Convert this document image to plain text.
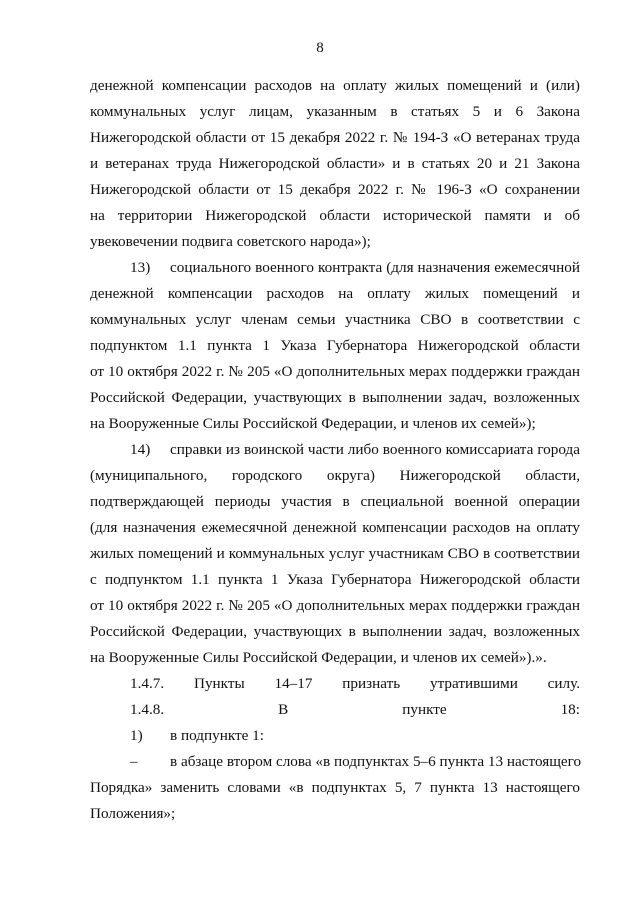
8
денежной компенсации расходов на оплату жилых помещений и (или)
коммунальных услуг лицам, указанным в статьях 5 и 6 Закона
Нижегородской области от 15 декабря 2022 г. № 194-З «О ветеранах труда
и ветеранах труда Нижегородской области» и в статьях 20 и 21 Закона
Нижегородской области от 15 декабря 2022 г. № 196-З «О сохранении
на территории Нижегородской области исторической памяти и об
увековечении подвига советского народа»);
13)	социального военного контракта (для назначения ежемесячной
денежной компенсации расходов на оплату жилых помещений и
коммунальных услуг членам семьи участника СВО в соответствии с
подпунктом 1.1 пункта 1 Указа Губернатора Нижегородской области
от 10 октября 2022 г. № 205 «О дополнительных мерах поддержки граждан
Российской Федерации, участвующих в выполнении задач, возложенных
на Вооруженные Силы Российской Федерации, и членов их семей»);
14)	справки из воинской части либо военного комиссариата города
(муниципального, городского округа) Нижегородской области,
подтверждающей периоды участия в специальной военной операции
(для назначения ежемесячной денежной компенсации расходов на оплату
жилых помещений и коммунальных услуг участникам СВО в соответствии
с подпунктом 1.1 пункта 1 Указа Губернатора Нижегородской области
от 10 октября 2022 г. № 205 «О дополнительных мерах поддержки граждан
Российской Федерации, участвующих в выполнении задач, возложенных
на Вооруженные Силы Российской Федерации, и членов их семей»).».
1.4.7. Пункты 14–17 признать утратившими силу.
1.4.8. В пункте 18:
1)	в подпункте 1:
–	в абзаце втором слова «в подпунктах 5–6 пункта 13 настоящего
Порядка» заменить словами «в подпунктах 5, 7 пункта 13 настоящего
Положения»;
